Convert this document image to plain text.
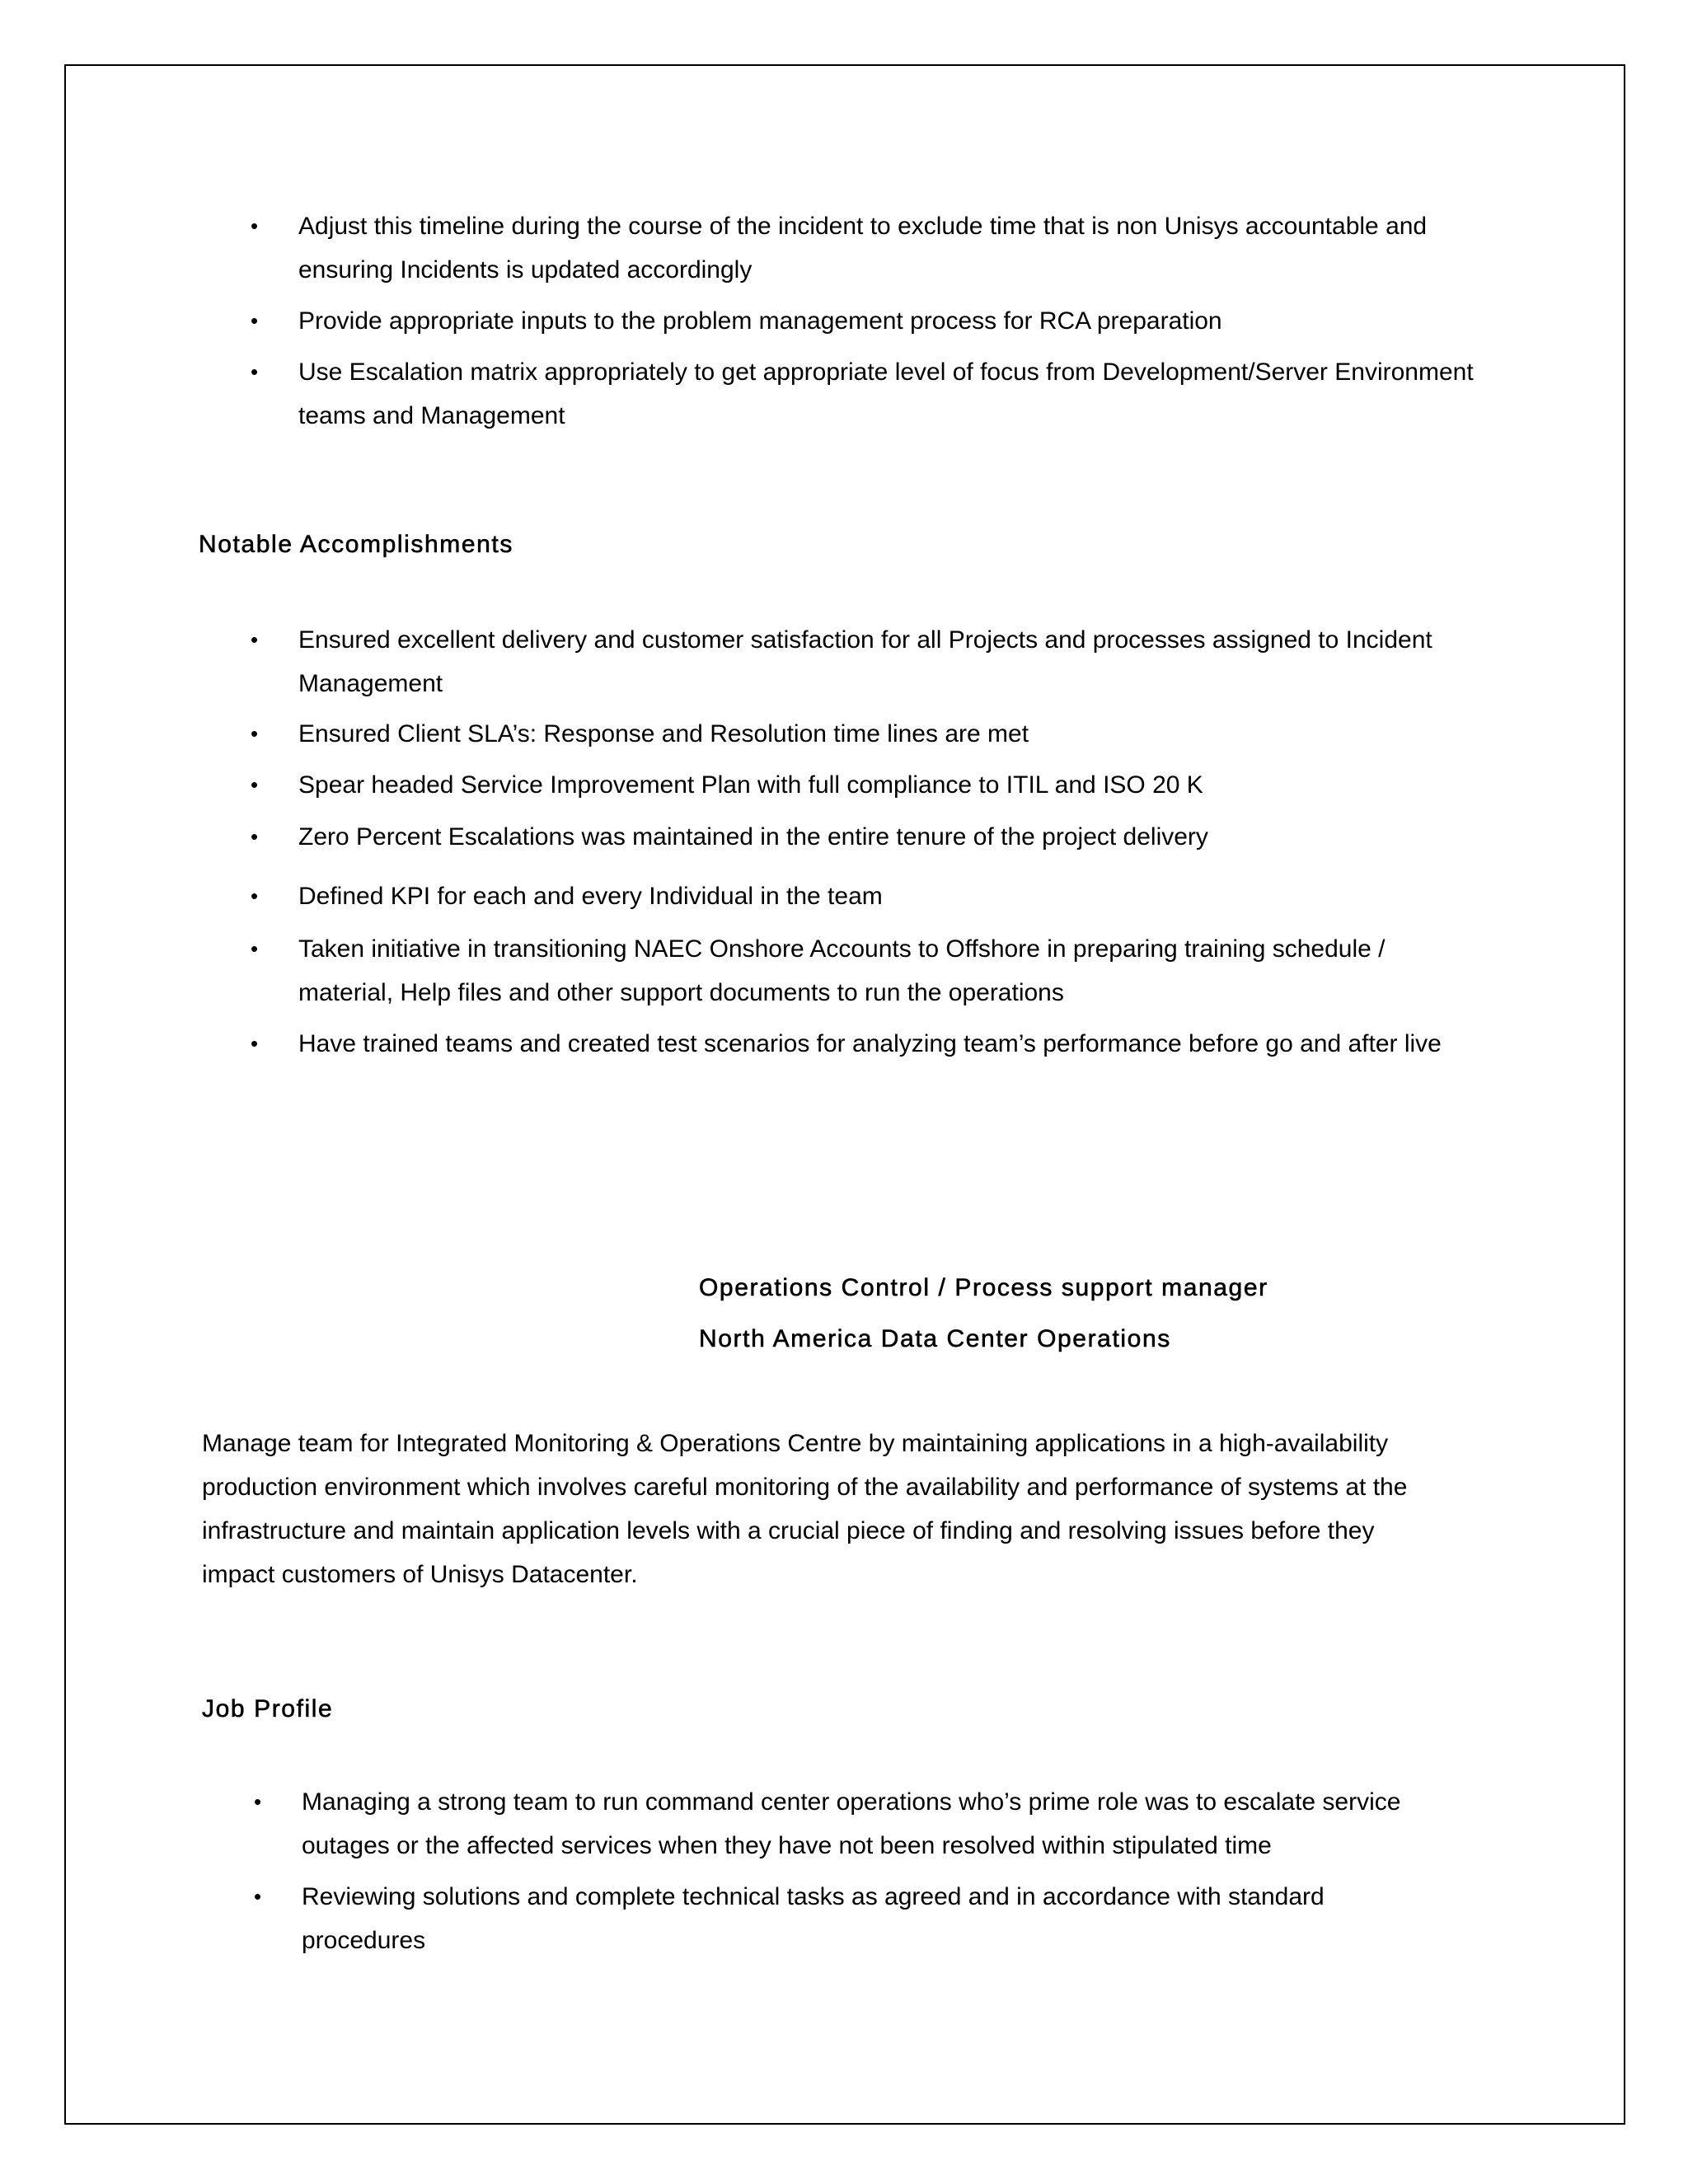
• Adjust this timeline during the course of the incident to exclude time that is non Unisys accountable and
ensuring Incidents is updated accordingly
• Provide appropriate inputs to the problem management process for RCA preparation
• Use Escalation matrix appropriately to get appropriate level of focus from Development/Server Environment
teams and Management
Notable Accomplishments
• Ensured excellent delivery and customer satisfaction for all Projects and processes assigned to Incident
Management
• Ensured Client SLA’s: Response and Resolution time lines are met
• Spear headed Service Improvement Plan with full compliance to ITIL and ISO 20 K
• Zero Percent Escalations was maintained in the entire tenure of the project delivery
• Defined KPI for each and every Individual in the team
• Taken initiative in transitioning NAEC Onshore Accounts to Offshore in preparing training schedule /
material, Help files and other support documents to run the operations
• Have trained teams and created test scenarios for analyzing team’s performance before go and after live
Operations Control / Process support manager
North America Data Center Operations
Manage team for Integrated Monitoring & Operations Centre by maintaining applications in a high-availability
production environment which involves careful monitoring of the availability and performance of systems at the
infrastructure and maintain application levels with a crucial piece of finding and resolving issues before they
impact customers of Unisys Datacenter.
Job Profile
• Managing a strong team to run command center operations who’s prime role was to escalate service
outages or the affected services when they have not been resolved within stipulated time
• Reviewing solutions and complete technical tasks as agreed and in accordance with standard
procedures
